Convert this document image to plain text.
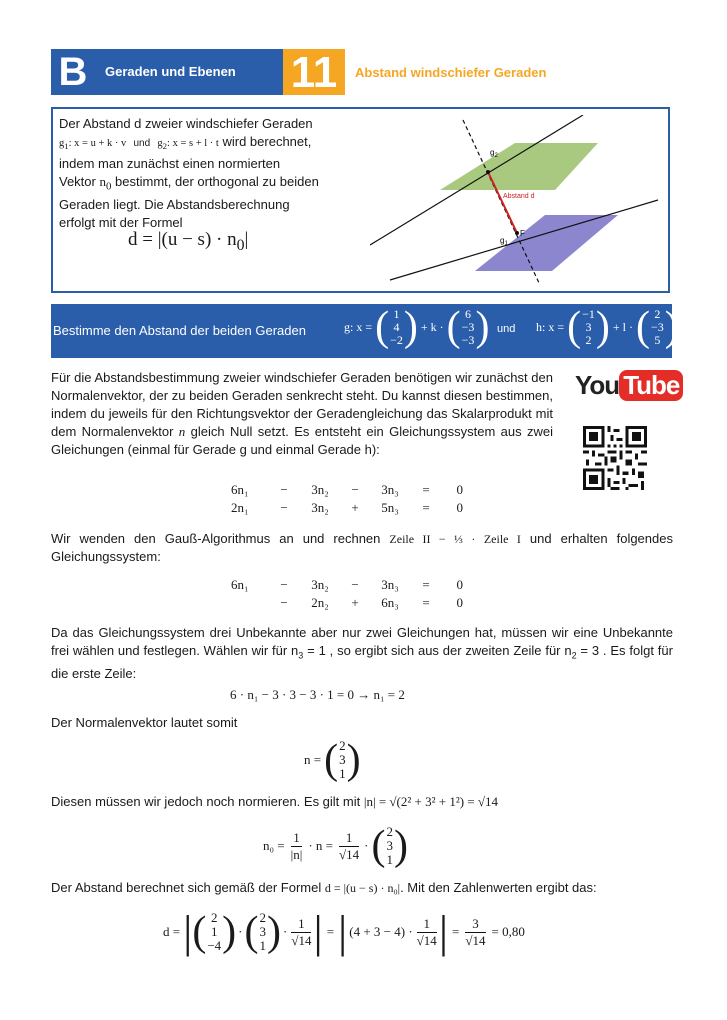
B	Geraden und Ebenen 11	Abstand windschiefer Geraden
Der Abstand d zweier windschiefer Geraden
$g_1$: x = u + k · v und $g_2$: x = s + l · t wird berechnet,
indem man zunächst einen normierten
Vektor $n_0$ bestimmt, der orthogonal zu beiden
Geraden liegt. Die Abstandsberechnung
erfolgt mit der Formel
$d = |(u - s) \cdot n_0|$
$g_2$
Abstand d
$g_1$
F
Bestimme den Abstand der beiden Geraden	g: x =	(	1
4
−2	)	+ k ·	(	6
−3
−3	) und h: x =	(	−1
3
2	)	+ l ·	(	2
−3
5	)	.
You Tube
Für die Abstandsbestimmung zweier windschiefer Geraden benötigen wir zunächst den Normalenvektor, der zu beiden Geraden senkrecht steht. Du kannst diesen bestimmen, indem du jeweils für den Richtungsvektor der Geradengleichung das Skalarprodukt mit dem Normalenvektor n gleich Null setzt. Es entsteht ein Gleichungssystem aus zwei Gleichungen (einmal für Gerade g und einmal Gerade h):
6n₁	−	3n₂	−	3n₃	=	0
2n₁	−	3n₂	+	5n₃	=	0
Wir wenden den Gauß-Algorithmus an und rechnen Zeile II − ⅓ · Zeile I und erhalten folgendes Gleichungssystem:
6n₁	−	3n₂	−	3n₃	=	0
	−	2n₂	+	6n₃	=	0
Da das Gleichungssystem drei Unbekannte aber nur zwei Gleichungen hat, müssen wir eine Unbekannte frei wählen und festlegen. Wählen wir für $n_3 = 1$ , so ergibt sich aus der zweiten Zeile für $n_2 = 3$ . Es folgt für die erste Zeile:
6 · n₁ − 3 · 3 − 3 · 1 = 0 → n₁ = 2
Der Normalenvektor lautet somit
n =	(	2
3
1	)
Diesen müssen wir jedoch noch normieren. Es gilt mit |n| = √(2² + 3² + 1²) = √14
n₀ =	
1
|n|
	· n =	
1
√14
	·	(	2
3
1	)
Der Abstand berechnet sich gemäß der Formel d = |(u − s) · n₀|. Mit den Zahlenwerten ergibt das:
d =	|	(	2
1
−4	)	·	(	2
3
1	)	·	
1
√14	|	=	|	(4 + 3 − 4) ·	
1
√14	|	=	
3
√14
	= 0,80
